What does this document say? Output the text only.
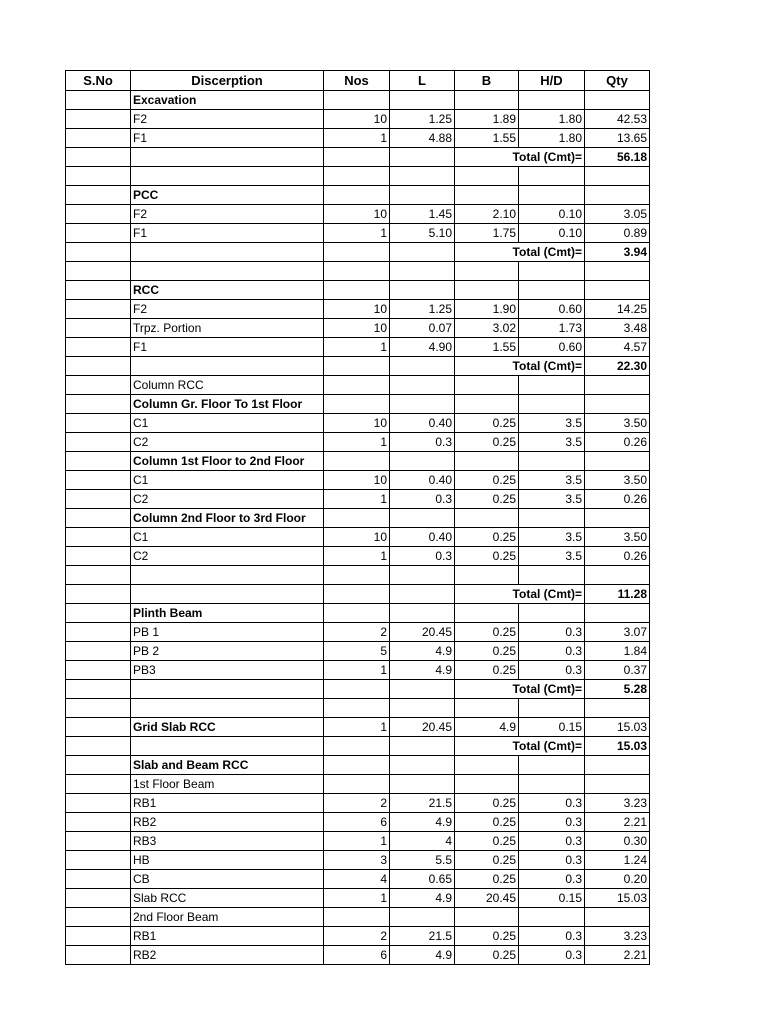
S.No	Discerption	Nos	L	B	H/D	Qty
	Excavation					
	F2	10	1.25	1.89	1.80	42.53
	F1	1	4.88	1.55	1.80	13.65
				Total (Cmt)=		56.18

	PCC					
	F2	10	1.45	2.10	0.10	3.05
	F1	1	5.10	1.75	0.10	0.89
				Total (Cmt)=		3.94

	RCC					
	F2	10	1.25	1.90	0.60	14.25
	Trpz. Portion	10	0.07	3.02	1.73	3.48
	F1	1	4.90	1.55	0.60	4.57
				Total (Cmt)=		22.30
	Column RCC					
	Column Gr. Floor To 1st Floor					
	C1	10	0.40	0.25	3.5	3.50
	C2	1	0.3	0.25	3.5	0.26
	Column 1st Floor to 2nd Floor					
	C1	10	0.40	0.25	3.5	3.50
	C2	1	0.3	0.25	3.5	0.26
	Column 2nd Floor to 3rd Floor					
	C1	10	0.40	0.25	3.5	3.50
	C2	1	0.3	0.25	3.5	0.26

				Total (Cmt)=		11.28
	Plinth Beam					
	PB 1	2	20.45	0.25	0.3	3.07
	PB 2	5	4.9	0.25	0.3	1.84
	PB3	1	4.9	0.25	0.3	0.37
				Total (Cmt)=		5.28

	Grid Slab RCC	1	20.45	4.9	0.15	15.03
				Total (Cmt)=		15.03
	Slab and Beam RCC					
	1st Floor Beam					
	RB1	2	21.5	0.25	0.3	3.23
	RB2	6	4.9	0.25	0.3	2.21
	RB3	1	4	0.25	0.3	0.30
	HB	3	5.5	0.25	0.3	1.24
	CB	4	0.65	0.25	0.3	0.20
	Slab RCC	1	4.9	20.45	0.15	15.03
	2nd Floor Beam					
	RB1	2	21.5	0.25	0.3	3.23
	RB2	6	4.9	0.25	0.3	2.21
